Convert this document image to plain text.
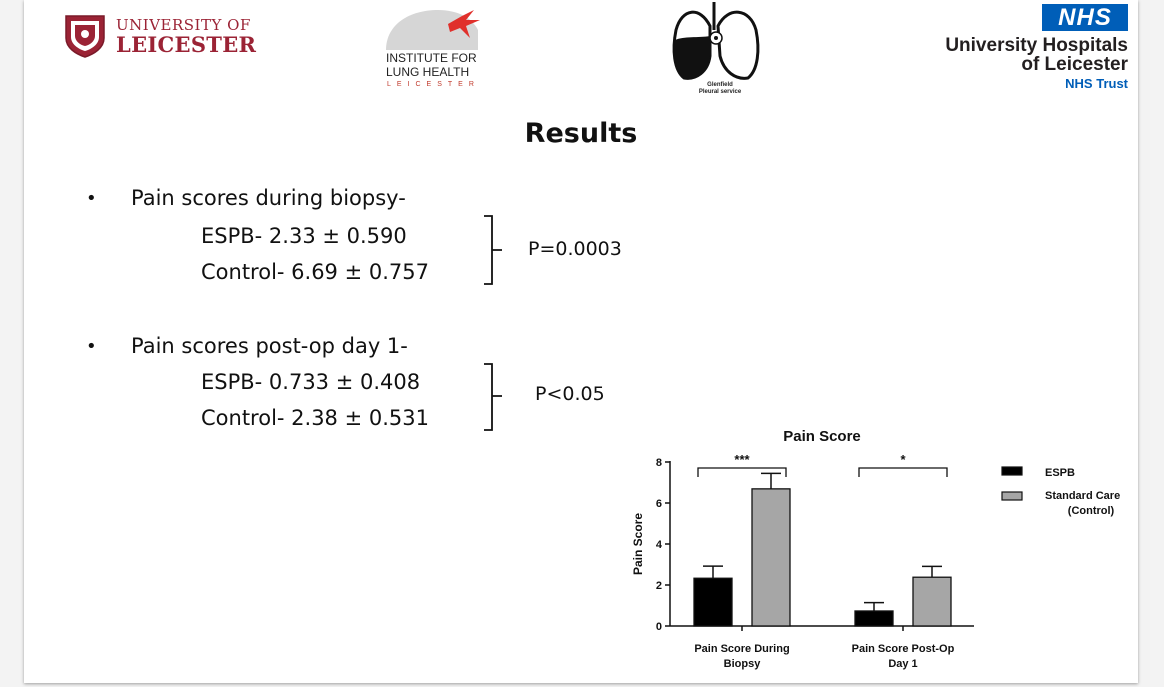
UNIVERSITY OF
LEICESTER
INSTITUTE FOR
LUNG HEALTH
LEICESTER	Glenfield
Pleural service
NHS
University Hospitals
of Leicester
NHS Trust
Results
• Pain scores during biopsy-
ESPB- 2.33 ± 0.590
Control- 6.69 ± 0.757
P=0.0003
• Pain scores post-op day 1-
ESPB- 0.733 ± 0.408
Control- 2.38 ± 0.531
P<0.05
Pain Score
Pain Score
0
2
4
6
8
Pain Score During
Biopsy
***
Pain Score Post-Op
Day 1
*
ESPB
Standard Care
(Control)
